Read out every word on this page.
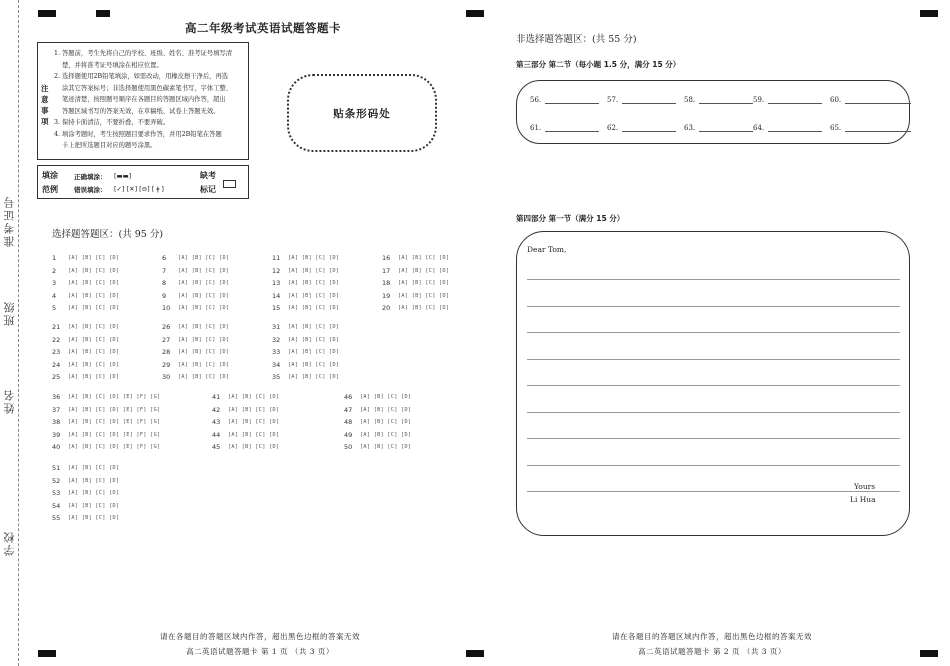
准考证号
班级
姓名
学校
高二年级考试英语试题答题卡
注意事项
1. 答题前，考生先将自己的学校、班级、姓名、准考证号填写清
楚，并将准考证号填涂在相应位置。
2. 选择题使用2B铅笔填涂，如需改动，用橡皮擦干净后，再选
涂其它答案标号；非选择题使用黑色碳素笔书写，字体工整、
笔迹清楚，按照题号顺序在各题目的答题区域内作答，超出
答题区域书写的答案无效，在草稿纸、试卷上答题无效。
3. 保持卡面清洁，不要折叠，不要弄破。
4. 填涂考题时，考生按照题目要求作答，并用2B铅笔在答题
卡上把所选题目对应的题号涂黑。
贴条形码处
填涂
范例
正确填涂： [▬▬]
错误填涂： [✓] [✕] [⊖] [ ǂ ]
缺考
标记
选择题答题区：(共 95 分)
1 [A] [B] [C] [D]
2 [A] [B] [C] [D]
3 [A] [B] [C] [D]
4 [A] [B] [C] [D]
5 [A] [B] [C] [D]
6 [A] [B] [C] [D]
7 [A] [B] [C] [D]
8 [A] [B] [C] [D]
9 [A] [B] [C] [D]
10 [A] [B] [C] [D]
11 [A] [B] [C] [D]
12 [A] [B] [C] [D]
13 [A] [B] [C] [D]
14 [A] [B] [C] [D]
15 [A] [B] [C] [D]
16 [A] [B] [C] [D]
17 [A] [B] [C] [D]
18 [A] [B] [C] [D]
19 [A] [B] [C] [D]
20 [A] [B] [C] [D]
21 [A] [B] [C] [D]
22 [A] [B] [C] [D]
23 [A] [B] [C] [D]
24 [A] [B] [C] [D]
25 [A] [B] [C] [D]
26 [A] [B] [C] [D]
27 [A] [B] [C] [D]
28 [A] [B] [C] [D]
29 [A] [B] [C] [D]
30 [A] [B] [C] [D]
31 [A] [B] [C] [D]
32 [A] [B] [C] [D]
33 [A] [B] [C] [D]
34 [A] [B] [C] [D]
35 [A] [B] [C] [D]
36 [A] [B] [C] [D] [E] [F] [G]
37 [A] [B] [C] [D] [E] [F] [G]
38 [A] [B] [C] [D] [E] [F] [G]
39 [A] [B] [C] [D] [E] [F] [G]
40 [A] [B] [C] [D] [E] [F] [G]
41 [A] [B] [C] [D]
42 [A] [B] [C] [D]
43 [A] [B] [C] [D]
44 [A] [B] [C] [D]
45 [A] [B] [C] [D]
46 [A] [B] [C] [D]
47 [A] [B] [C] [D]
48 [A] [B] [C] [D]
49 [A] [B] [C] [D]
50 [A] [B] [C] [D]
51 [A] [B] [C] [D]
52 [A] [B] [C] [D]
53 [A] [B] [C] [D]
54 [A] [B] [C] [D]
55 [A] [B] [C] [D]
请在各题目的答题区域内作答，超出黑色边框的答案无效
高二英语试题答题卡 第 1 页 （共 3 页）
非选择题答题区：(共 55 分)
第三部分 第二节（每小题 1.5 分，满分 15 分）
56.	57.	58.	59.	60.
61.	62.	63.	64.	65.
第四部分 第一节（满分 15 分）
Dear Tom,
Yours
Li Hua
请在各题目的答题区域内作答，超出黑色边框的答案无效
高二英语试题答题卡 第 2 页 （共 3 页）
